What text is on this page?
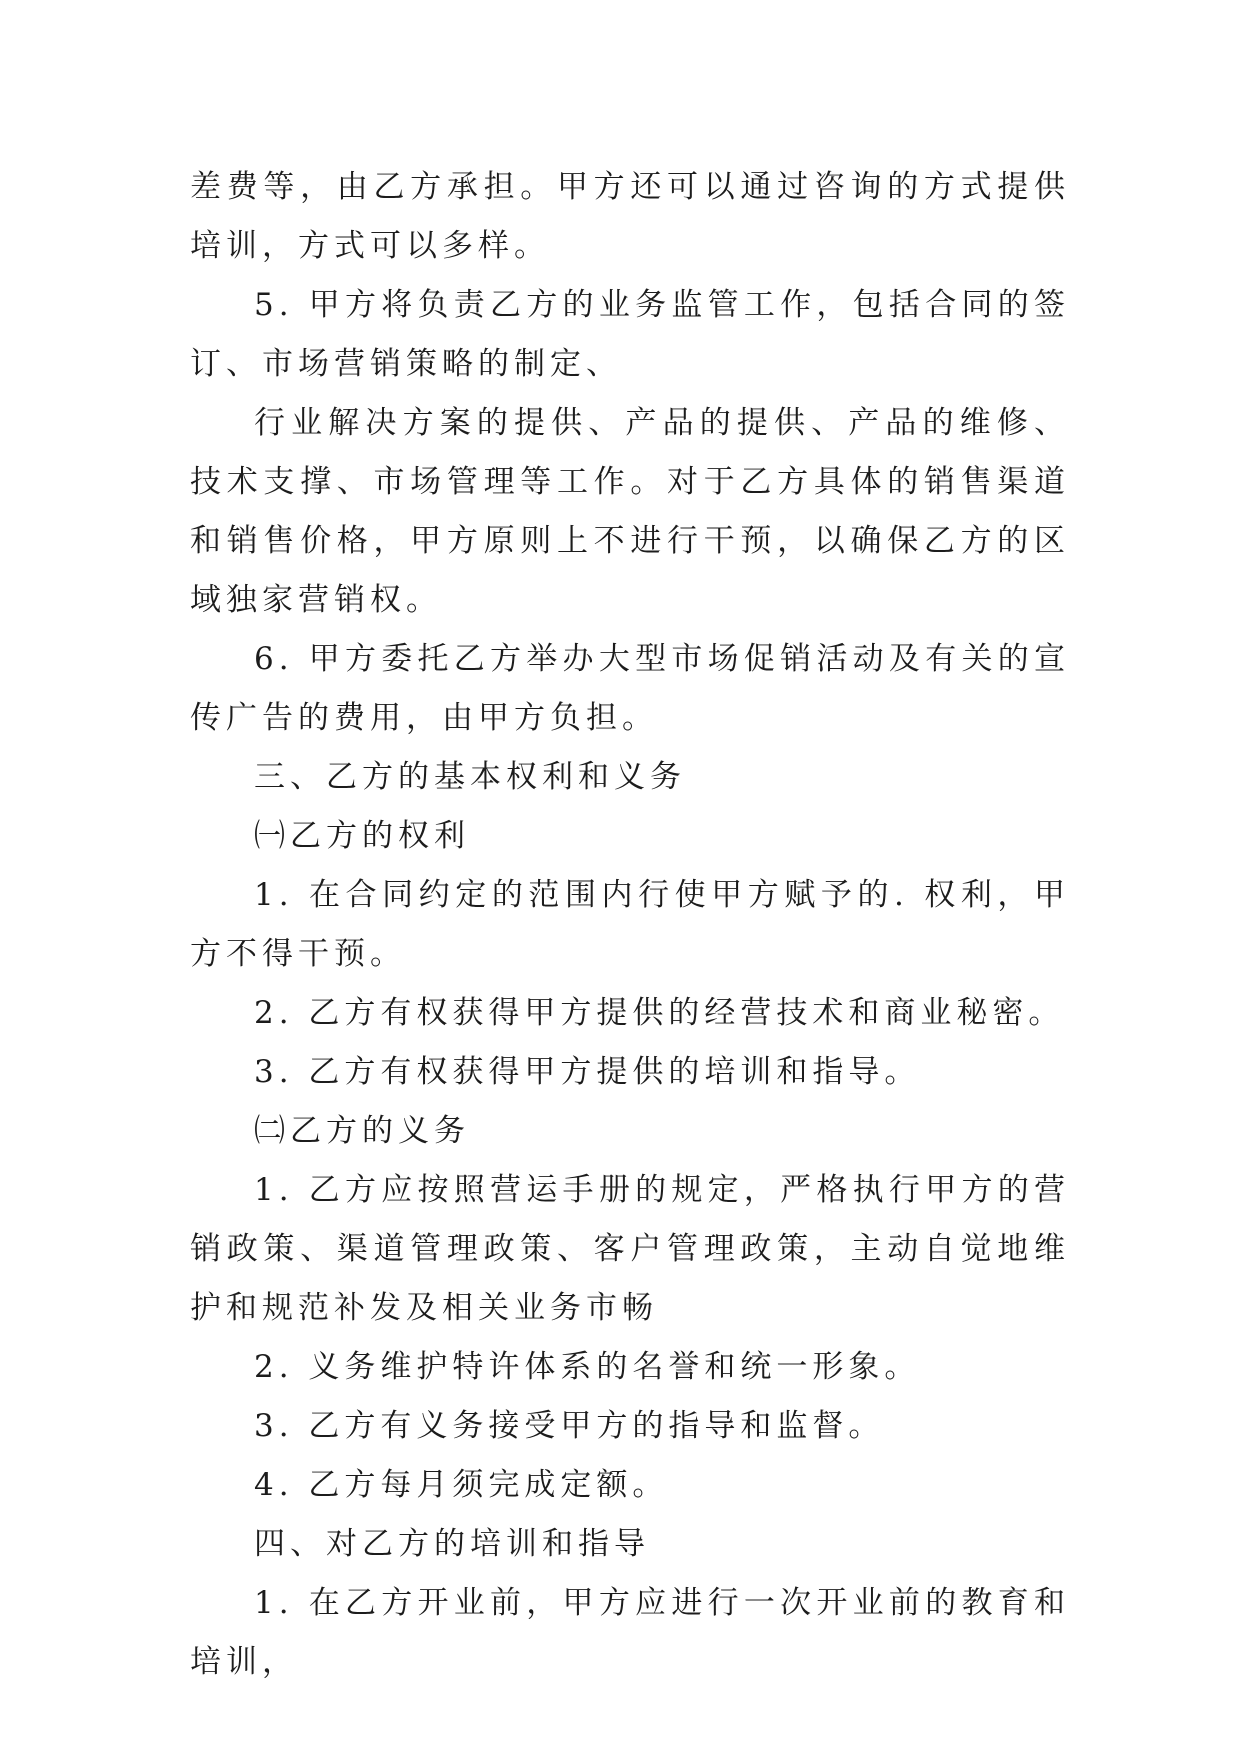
差费等，由乙方承担。甲方还可以通过咨询的方式提供培训，方式可以多样。

5. 甲方将负责乙方的业务监管工作，包括合同的签订、市场营销策略的制定、

行业解决方案的提供、产品的提供、产品的维修、技术支撑、市场管理等工作。对于乙方具体的销售渠道和销售价格，甲方原则上不进行干预，以确保乙方的区域独家营销权。

6. 甲方委托乙方举办大型市场促销活动及有关的宣传广告的费用，由甲方负担。

三、乙方的基本权利和义务

㈠乙方的权利

1. 在合同约定的范围内行使甲方赋予的. 权利，甲方不得干预。

2. 乙方有权获得甲方提供的经营技术和商业秘密。

3. 乙方有权获得甲方提供的培训和指导。

㈡乙方的义务

1. 乙方应按照营运手册的规定，严格执行甲方的营销政策、渠道管理政策、客户管理政策，主动自觉地维护和规范补发及相关业务市畅

2. 义务维护特许体系的名誉和统一形象。

3. 乙方有义务接受甲方的指导和监督。

4. 乙方每月须完成定额。

四、对乙方的培训和指导

1. 在乙方开业前，甲方应进行一次开业前的教育和培训，
